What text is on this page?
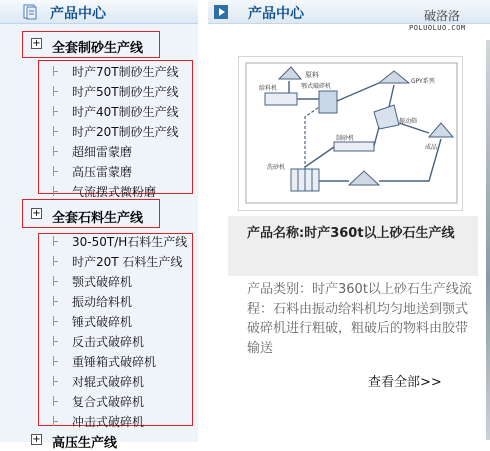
产品中心
+ 全套制砂生产线
时产70T制砂生产线
时产50T制砂生产线
时产40T制砂生产线
时产20T制砂生产线
超细雷蒙磨
高压雷蒙磨
气流摆式微粉磨
+ 全套石料生产线
30-50T/H石料生产线
时产20T 石料生产线
颚式破碎机
振动给料机
锤式破碎机
反击式破碎机
重锤箱式破碎机
对辊式破碎机
复合式破碎机
冲击式破碎机
+ 高压生产线
产品中心	破洛洛
POLUOLUO.COM
原料
给料机	鄂式破碎机
GPY系列
振动筛
成品
制砂机
洗砂机
产品名称:时产360t以上砂石生产线
产品类别：时产360t以上砂石生产线流程：石料由振动给料机均匀地送到颚式破碎机进行粗破，粗破后的物料由胶带输送
查看全部>>
